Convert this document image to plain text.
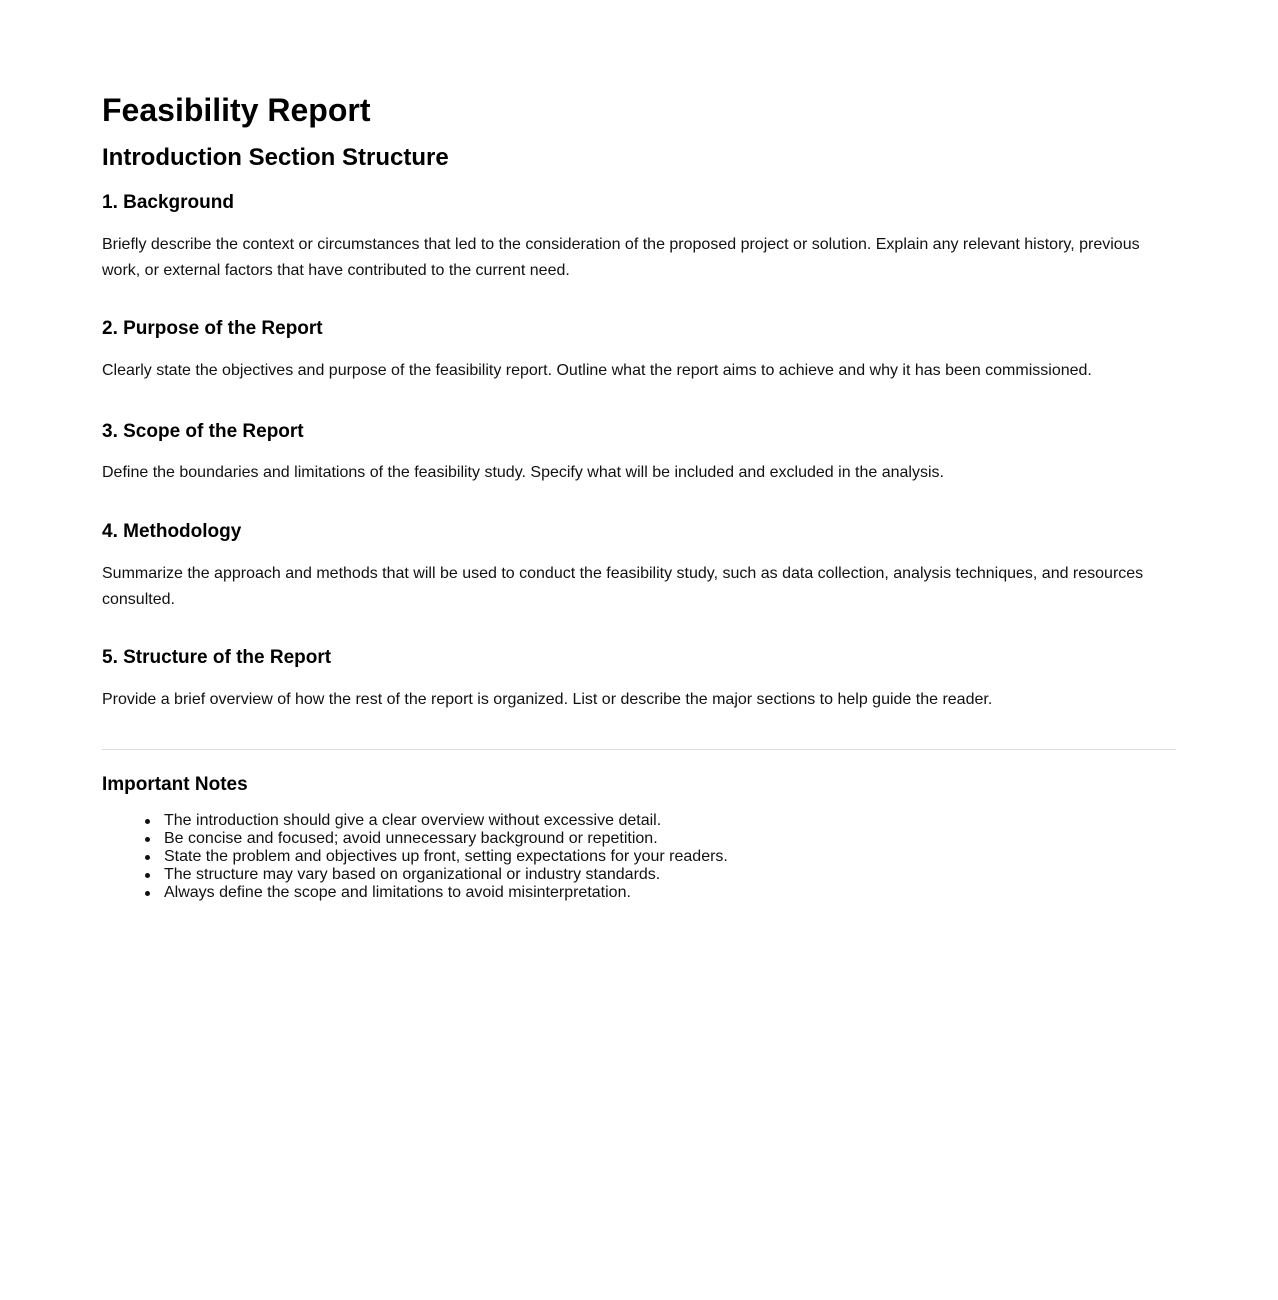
Feasibility Report
Introduction Section Structure
1. Background

Briefly describe the context or circumstances that led to the consideration of the proposed project or solution. Explain any relevant history, previous work, or external factors that have contributed to the current need.

2. Purpose of the Report

Clearly state the objectives and purpose of the feasibility report. Outline what the report aims to achieve and why it has been commissioned.

3. Scope of the Report

Define the boundaries and limitations of the feasibility study. Specify what will be included and excluded in the analysis.

4. Methodology

Summarize the approach and methods that will be used to conduct the feasibility study, such as data collection, analysis techniques, and resources consulted.

5. Structure of the Report

Provide a brief overview of how the rest of the report is organized. List or describe the major sections to help guide the reader.

Important Notes
The introduction should give a clear overview without excessive detail.
Be concise and focused; avoid unnecessary background or repetition.
State the problem and objectives up front, setting expectations for your readers.
The structure may vary based on organizational or industry standards.
Always define the scope and limitations to avoid misinterpretation.
